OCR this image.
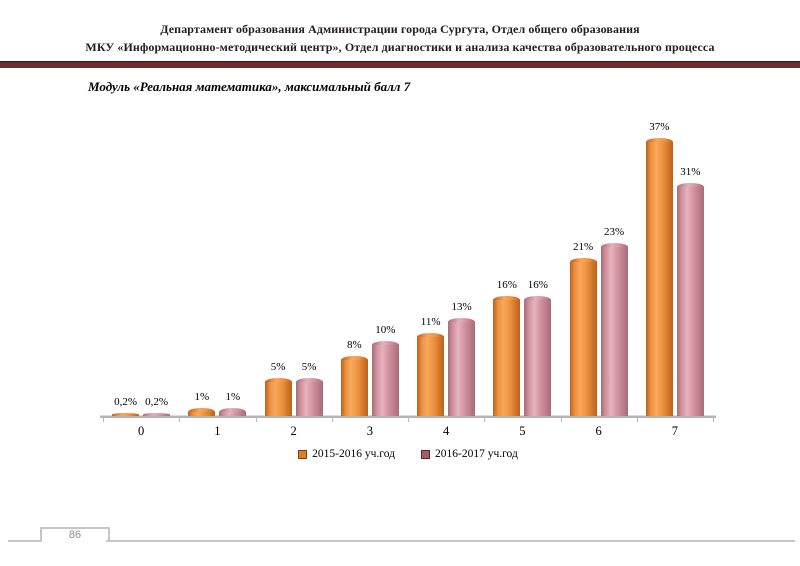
Департамент образования Администрации города Сургута, Отдел общего образования
МКУ «Информационно-методический центр», Отдел диагностики и анализа качества образовательного процесса
Модуль «Реальная математика», максимальный балл 7
0,2% 0,2%	1%	1%
5%	5%
8%
10%
11%
13%
16% 16%
21%
23%
37%
31%
0	1	2	3	4	5	6	7
2015-2016 уч.год	2016-2017 уч.год
86
